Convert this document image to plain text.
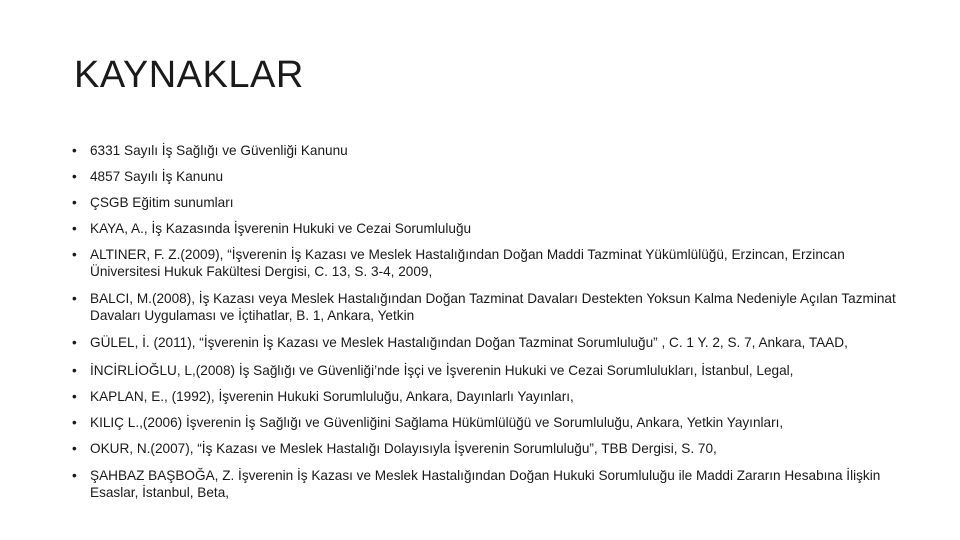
KAYNAKLAR
• 6331 Sayılı İş Sağlığı ve Güvenliği Kanunu
• 4857 Sayılı İş Kanunu
• ÇSGB Eğitim sunumları
• KAYA, A., İş Kazasında İşverenin Hukuki ve Cezai Sorumluluğu
• ALTINER, F. Z.(2009), “İşverenin İş Kazası ve Meslek Hastalığından Doğan Maddi Tazminat Yükümlülüğü, Erzincan, Erzincan Üniversitesi Hukuk Fakültesi Dergisi, C. 13, S. 3-4, 2009,
• BALCI, M.(2008), İş Kazası veya Meslek Hastalığından Doğan Tazminat Davaları Destekten Yoksun Kalma Nedeniyle Açılan Tazminat Davaları Uygulaması ve İçtihatlar, B. 1, Ankara, Yetkin
• GÜLEL, İ. (2011), “İşverenin İş Kazası ve Meslek Hastalığından Doğan Tazminat Sorumluluğu” , C. 1 Y. 2, S. 7, Ankara, TAAD,
• İNCİRLİOĞLU, L,(2008) İş Sağlığı ve Güvenliği’nde İşçi ve İşverenin Hukuki ve Cezai Sorumlulukları, İstanbul, Legal,
• KAPLAN, E., (1992), İşverenin Hukuki Sorumluluğu, Ankara, Dayınlarlı Yayınları,
• KILIÇ L.,(2006) İşverenin İş Sağlığı ve Güvenliğini Sağlama Hükümlülüğü ve Sorumluluğu, Ankara, Yetkin Yayınları,
• OKUR, N.(2007), “İş Kazası ve Meslek Hastalığı Dolayısıyla İşverenin Sorumluluğu”, TBB Dergisi, S. 70,
• ŞAHBAZ BAŞBOĞA, Z. İşverenin İş Kazası ve Meslek Hastalığından Doğan Hukuki Sorumluluğu ile Maddi Zararın Hesabına İlişkin Esaslar, İstanbul, Beta,
